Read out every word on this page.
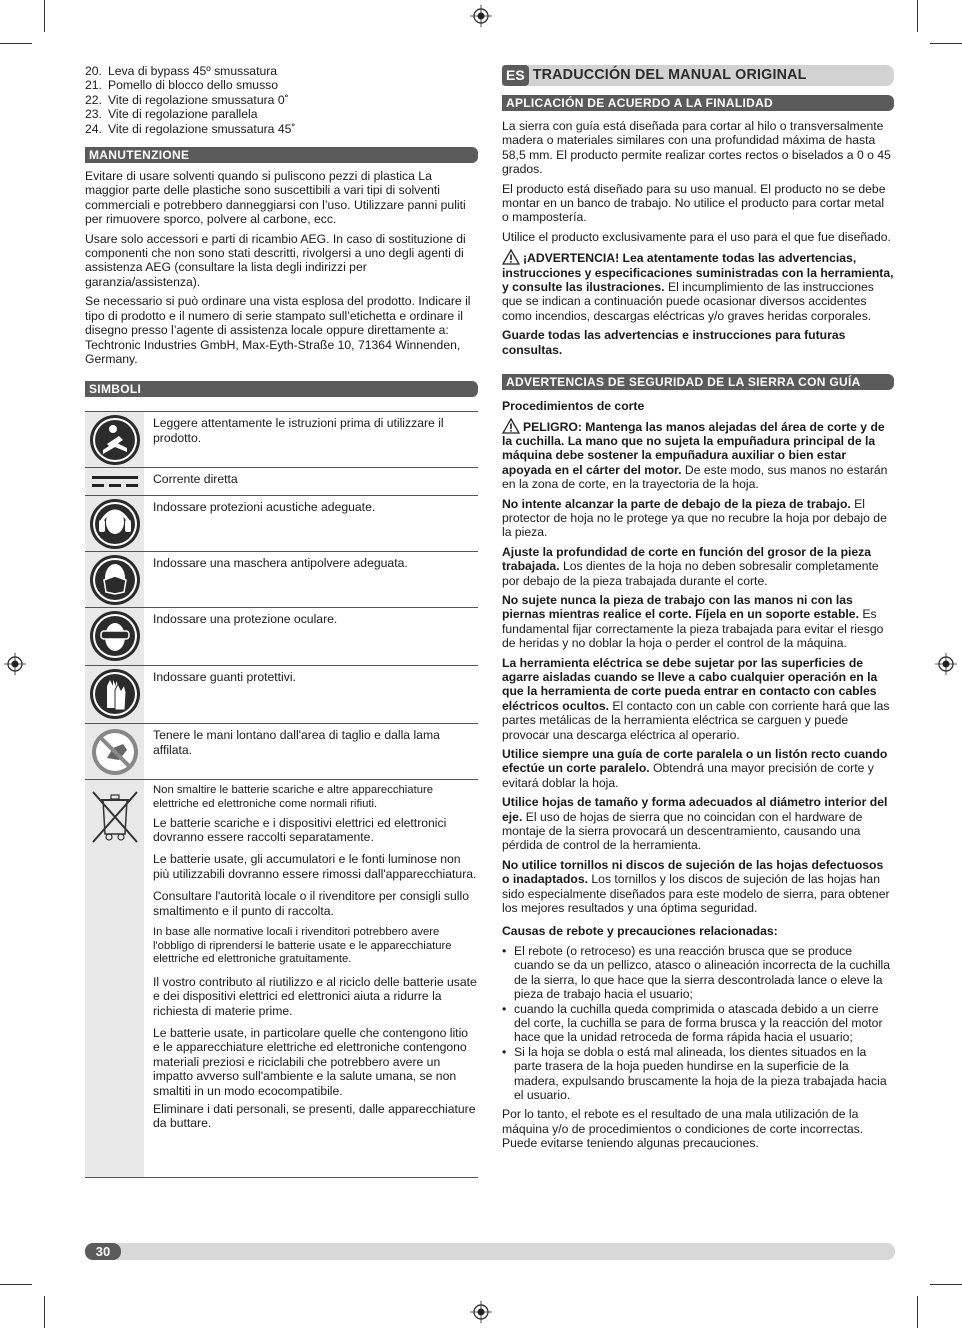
20. Leva di bypass 45º smussatura
21. Pomello di blocco dello smusso
22. Vite di regolazione smussatura 0˚
23. Vite di regolazione parallela
24. Vite di regolazione smussatura 45˚
MANUTENZIONE

Evitare di usare solventi quando si puliscono pezzi di plastica La maggior parte delle plastiche sono suscettibili a vari tipi di solventi commerciali e potrebbero danneggiarsi con l’uso. Utilizzare panni puliti per rimuovere sporco, polvere al carbone, ecc.

Usare solo accessori e parti di ricambio AEG. In caso di sostituzione di componenti che non sono stati descritti, rivolgersi a uno degli agenti di assistenza AEG (consultare la lista degli indirizzi per garanzia/assistenza).

Se necessario si può ordinare una vista esplosa del prodotto. Indicare il tipo di prodotto e il numero di serie stampato sull’etichetta e ordinare il disegno presso l’agente di assistenza locale oppure direttamente a: Techtronic Industries GmbH, Max-Eyth-Straße 10, 71364 Winnenden, Germany.

SIMBOLI
Leggere attentamente le istruzioni prima di utilizzare il prodotto.
Corrente diretta
Indossare protezioni acustiche adeguate.
Indossare una maschera antipolvere adeguata.
Indossare una protezione oculare.
Indossare guanti protettivi.
Tenere le mani lontano dall'area di taglio e dalla lama affilata.

Non smaltire le batterie scariche e altre apparecchiature elettriche ed elettroniche come normali rifiuti.

Le batterie scariche e i dispositivi elettrici ed elettronici dovranno essere raccolti separatamente.

Le batterie usate, gli accumulatori e le fonti luminose non più utilizzabili dovranno essere rimossi dall'apparecchiatura.

Consultare l'autorità locale o il rivenditore per consigli sullo smaltimento e il punto di raccolta.

In base alle normative locali i rivenditori potrebbero avere l'obbligo di riprendersi le batterie usate e le apparecchiature elettriche ed elettroniche gratuitamente.

Il vostro contributo al riutilizzo e al riciclo delle batterie usate e dei dispositivi elettrici ed elettronici aiuta a ridurre la richiesta di materie prime.

Le batterie usate, in particolare quelle che contengono litio e le apparecchiature elettriche ed elettroniche contengono materiali preziosi e riciclabili che potrebbero avere un impatto avverso sull'ambiente e la salute umana, se non smaltiti in un modo ecocompatibile.

Eliminare i dati personali, se presenti, dalle apparecchiature da buttare.

ES TRADUCCIÓN DEL MANUAL ORIGINAL
APLICACIÓN DE ACUERDO A LA FINALIDAD

La sierra con guía está diseñada para cortar al hilo o transversalmente madera o materiales similares con una profundidad máxima de hasta 58,5 mm. El producto permite realizar cortes rectos o biselados a 0 o 45 grados.

El producto está diseñado para su uso manual. El producto no se debe montar en un banco de trabajo. No utilice el producto para cortar metal o mampostería.

Utilice el producto exclusivamente para el uso para el que fue diseñado.

¡ADVERTENCIA! Lea atentamente todas las advertencias, instrucciones y especificaciones suministradas con la herramienta, y consulte las ilustraciones. El incumplimiento de las instrucciones que se indican a continuación puede ocasionar diversos accidentes como incendios, descargas eléctricas y/o graves heridas corporales.

Guarde todas las advertencias e instrucciones para futuras consultas.

ADVERTENCIAS DE SEGURIDAD DE LA SIERRA CON GUÍA

Procedimientos de corte

PELIGRO: Mantenga las manos alejadas del área de corte y de la cuchilla. La mano que no sujeta la empuñadura principal de la máquina debe sostener la empuñadura auxiliar o bien estar apoyada en el cárter del motor. De este modo, sus manos no estarán en la zona de corte, en la trayectoria de la hoja.

No intente alcanzar la parte de debajo de la pieza de trabajo. El protector de hoja no le protege ya que no recubre la hoja por debajo de la pieza.

Ajuste la profundidad de corte en función del grosor de la pieza trabajada. Los dientes de la hoja no deben sobresalir completamente por debajo de la pieza trabajada durante el corte.

No sujete nunca la pieza de trabajo con las manos ni con las piernas mientras realice el corte. Fíjela en un soporte estable. Es fundamental fijar correctamente la pieza trabajada para evitar el riesgo de heridas y no doblar la hoja o perder el control de la máquina.

La herramienta eléctrica se debe sujetar por las superficies de agarre aisladas cuando se lleve a cabo cualquier operación en la que la herramienta de corte pueda entrar en contacto con cables eléctricos ocultos. El contacto con un cable con corriente hará que las partes metálicas de la herramienta eléctrica se carguen y puede provocar una descarga eléctrica al operario.

Utilice siempre una guía de corte paralela o un listón recto cuando efectúe un corte paralelo. Obtendrá una mayor precisión de corte y evitará doblar la hoja.

Utilice hojas de tamaño y forma adecuados al diámetro interior del eje. El uso de hojas de sierra que no coincidan con el hardware de montaje de la sierra provocará un descentramiento, causando una pérdida de control de la herramienta.

No utilice tornillos ni discos de sujeción de las hojas defectuosos o inadaptados. Los tornillos y los discos de sujeción de las hojas han sido especialmente diseñados para este modelo de sierra, para obtener los mejores resultados y una óptima seguridad.

Causas de rebote y precauciones relacionadas:

• El rebote (o retroceso) es una reacción brusca que se produce cuando se da un pellizco, atasco o alineación incorrecta de la cuchilla de la sierra, lo que hace que la sierra descontrolada lance o eleve la pieza de trabajo hacia el usuario;
• cuando la cuchilla queda comprimida o atascada debido a un cierre del corte, la cuchilla se para de forma brusca y la reacción del motor hace que la unidad retroceda de forma rápida hacia el usuario;
• Si la hoja se dobla o está mal alineada, los dientes situados en la parte trasera de la hoja pueden hundirse en la superficie de la madera, expulsando bruscamente la hoja de la pieza trabajada hacia el usuario.

Por lo tanto, el rebote es el resultado de una mala utilización de la máquina y/o de procedimientos o condiciones de corte incorrectas. Puede evitarse teniendo algunas precauciones.

30
